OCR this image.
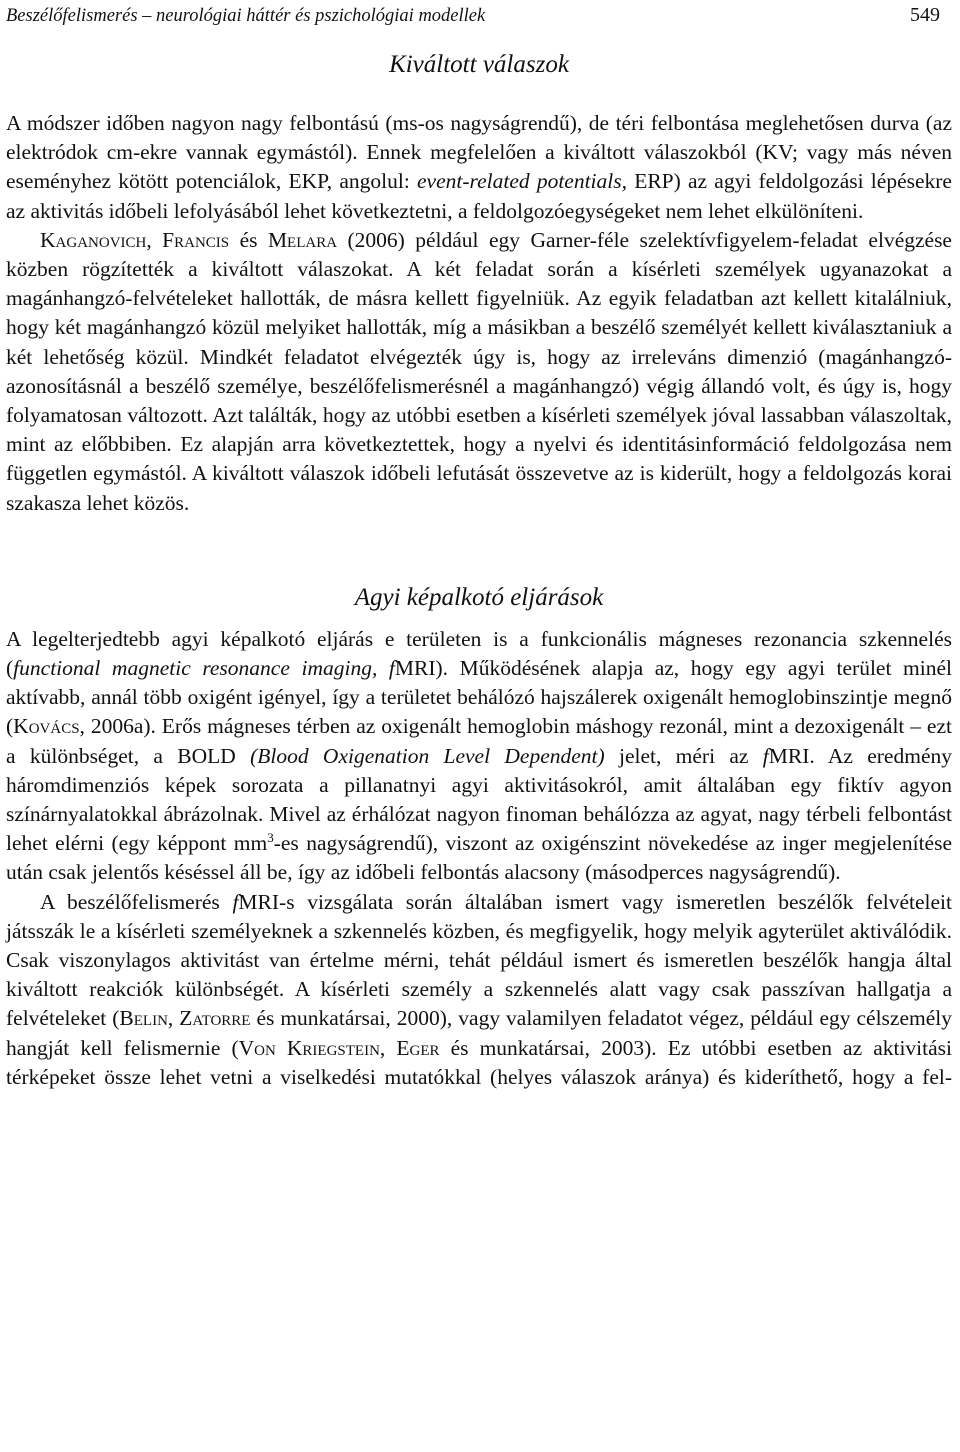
Beszélőfelismerés – neurológiai háttér és pszichológiai modellek	549
Kiváltott válaszok

A módszer időben nagyon nagy felbontású (ms-os nagyságrendű), de téri felbontása meglehetősen durva (az elektródok cm-ekre vannak egymástól). Ennek megfelelően a kiváltott válaszokból (KV; vagy más néven eseményhez kötött potenciálok, EKP, angolul: event-related potentials, ERP) az agyi feldolgozási lépésekre az aktivitás időbeli lefolyásából lehet következtetni, a feldolgozóegységeket nem lehet elkülöníteni.

Kaganovich, Francis és Melara (2006) például egy Garner-féle szelektívfigyelem-feladat elvégzése közben rögzítették a kiváltott válaszokat. A két feladat során a kísérleti személyek ugyanazokat a magánhangzó-felvételeket hallották, de másra kellett figyelniük. Az egyik feladatban azt kellett kitalálniuk, hogy két magánhangzó közül melyiket hallották, míg a másikban a beszélő személyét kellett kiválasztaniuk a két lehetőség közül. Mindkét feladatot elvégezték úgy is, hogy az irreleváns dimenzió (magánhangzó-azonosításnál a beszélő személye, beszélőfelismerésnél a magánhangzó) végig állandó volt, és úgy is, hogy folyamatosan változott. Azt találták, hogy az utóbbi esetben a kísérleti személyek jóval lassabban válaszoltak, mint az előbbiben. Ez alapján arra következtettek, hogy a nyelvi és identitásinformáció feldolgozása nem független egymástól. A kiváltott válaszok időbeli lefutását összevetve az is kiderült, hogy a feldolgozás korai szakasza lehet közös.

Agyi képalkotó eljárások

A legelterjedtebb agyi képalkotó eljárás e területen is a funkcionális mágneses rezonancia szkennelés (functional magnetic resonance imaging, fMRI). Működésének alapja az, hogy egy agyi terület minél aktívabb, annál több oxigént igényel, így a területet behálózó hajszálerek oxigenált hemoglobinszintje megnő (Kovács, 2006a). Erős mágneses térben az oxigenált hemoglobin máshogy rezonál, mint a dezoxigenált – ezt a különbséget, a BOLD (Blood Oxigenation Level Dependent) jelet, méri az fMRI. Az eredmény háromdimenziós képek sorozata a pillanatnyi agyi aktivitásokról, amit általában egy fiktív agyon színárnyalatokkal ábrázolnak. Mivel az érhálózat nagyon finoman behálózza az agyat, nagy térbeli felbontást lehet elérni (egy képpont $mm^3-es$ nagyságrendű), viszont az oxigénszint növekedése az inger megjelenítése után csak jelentős késéssel áll be, így az időbeli felbontás alacsony (másodperces nagyságrendű).

A beszélőfelismerés fMRI-s vizsgálata során általában ismert vagy ismeretlen beszélők felvételeit játsszák le a kísérleti személyeknek a szkennelés közben, és megfigyelik, hogy melyik agyterület aktiválódik. Csak viszonylagos aktivitást van értelme mérni, tehát például ismert és ismeretlen beszélők hangja által kiváltott reakciók különbségét. A kísérleti személy a szkennelés alatt vagy csak passzívan hallgatja a felvételeket (Belin, Zatorre és munkatársai, 2000), vagy valamilyen feladatot végez, például egy célszemély hangját kell felismernie (Von Kriegstein, Eger és munkatársai, 2003). Ez utóbbi esetben az aktivitási térképeket össze lehet vetni a viselkedési mutatókkal (helyes válaszok aránya) és kideríthető, hogy a fel-
